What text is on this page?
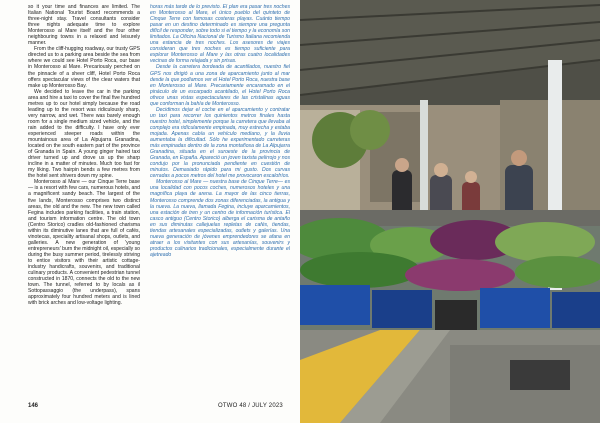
so it your time and finances are limited. The Italian National Tourist Board recommends a three-night stay. Travel consultants consider three nights adequate time to explore Monterosso al Mare itself and the four other neighbouring towns in a relaxed and leisurely manner.

From the cliff-hugging roadway, our trusty GPS directed us to a parking area beside the sea from where we could see Hotel Porto Roca, our base in Monterosso al Mare. Precariously perched on the pinnacle of a sheer cliff, Hotel Porto Roca offers spectacular views of the clear waters that make up Monterosso Bay.

We decided to leave the car in the parking area and hire a taxi to cover the final five hundred metres up to our hotel simply because the road leading up to the resort was ridiculously sharp, very narrow, and wet. There was barely enough room for a single medium sized vehicle, and the rain added to the difficulty. I have only ever experienced steeper roads within the mountainous area of La Alpujarra Granadina, located on the south eastern part of the province of Granada in Spain. A young ginger haired taxi driver turned up and drove us up the sharp incline in a matter of minutes. Much too fast for my liking. Two hairpin bends a few metres from the hotel sent shivers down my spine.

Monterosso al Mare — our Cinque Terre base— is a resort with few cars, numerous hotels, and a magnificent sandy beach. The largest of the five lands, Monterosso comprises two distinct areas, the old and the new. The new town called Fegina includes parking facilities, a train station, and tourism information centre. The old town (Centro Storico) cradles old-fashioned charisma within its diminutive lanes that are full of cafés, vinotecas, speciality artisanal shops, outlets, and galleries. A new generation of 'young entrepreneurs' burn the midnight oil, especially so during the busy summer period, tirelessly striving to entice visitors with their artistic cottage-industry handicrafts, souvenirs, and traditional culinary products. A convenient pedestrian tunnel constructed in 1870, connects the old to the new town. The tunnel, referred to by locals as il Sottopassaggio (the underpass), spans approximately four hundred meters and is lined with brick arches and low-voltage lighting.

horas más tarde de lo previsto. El plan era pasar tres noches en Monterosso al Mare, el único pueblo del quinteto de Cinque Terre con famosas costeras playas. Cuánto tiempo pasar en un destino determinado es siempre una pregunta difícil de responder, sobre todo si el tiempo y la economía son limitados. La Oficina Nacional de Turismo Italiana recomienda una estancia de tres noches. Los asesores de viajes consideran que tres noches es tiempo suficiente para explorar Monterosso al Mare y las otras cuatro localidades vecinas de forma relajada y sin prisas.

Desde la carretera bordeada de acantilados, nuestro fiel GPS nos dirigió a una zona de aparcamiento junto al mar desde la que podíamos ver el Hotel Porto Roca, nuestra base en Monterosso al Mare. Precariamente encaramado en el pináculo de un escarpado acantilado, el Hotel Porto Roca ofrece unas vistas espectaculares de las cristalinas aguas que conforman la bahía de Monterosso.

Decidimos dejar el coche en el aparcamiento y contratar un taxi para recorrer los quinientos metros finales hasta nuestro hotel, simplemente porque la carretera que llevaba al complejo era ridículamente empinada, muy estrecha y estaba mojada. Apenas cabía un vehículo mediano, y la lluvia aumentaba la dificultad. Sólo he experimentado carreteras más empinadas dentro de la zona montañosa de La Alpujarra Granadina, situada en el suroeste de la provincia de Granada, en España. Apareció un joven taxista pelirrojo y nos condujo por la pronunciada pendiente en cuestión de minutos. Demasiado rápido para mi gusto. Dos curvas cerradas a pocos metros del hotel me provocaron escalofríos.

Monterosso al Mare — nuestra base de Cinque Terre— es una localidad con pocos coches, numerosos hoteles y una magnífica playa de arena. La mayor de las cinco tierras, Monterosso comprende dos zonas diferenciadas, la antigua y la nueva. La nueva, llamada Fegina, incluye aparcamientos, una estación de tren y un centro de información turística. El casco antiguo (Centro Storico) alberga el carisma de antaño en sus diminutas callejuelas repletas de cafés, tiendas, tiendas artesanales especializadas, outlets y galerías. Una nueva generación de jóvenes emprendedores se afana en atraer a los visitantes con sus artesanías, souvenirs y productos culinarios tradicionales, especialmente durante el ajetreado

146	OTWO 48 / JULY 2023
